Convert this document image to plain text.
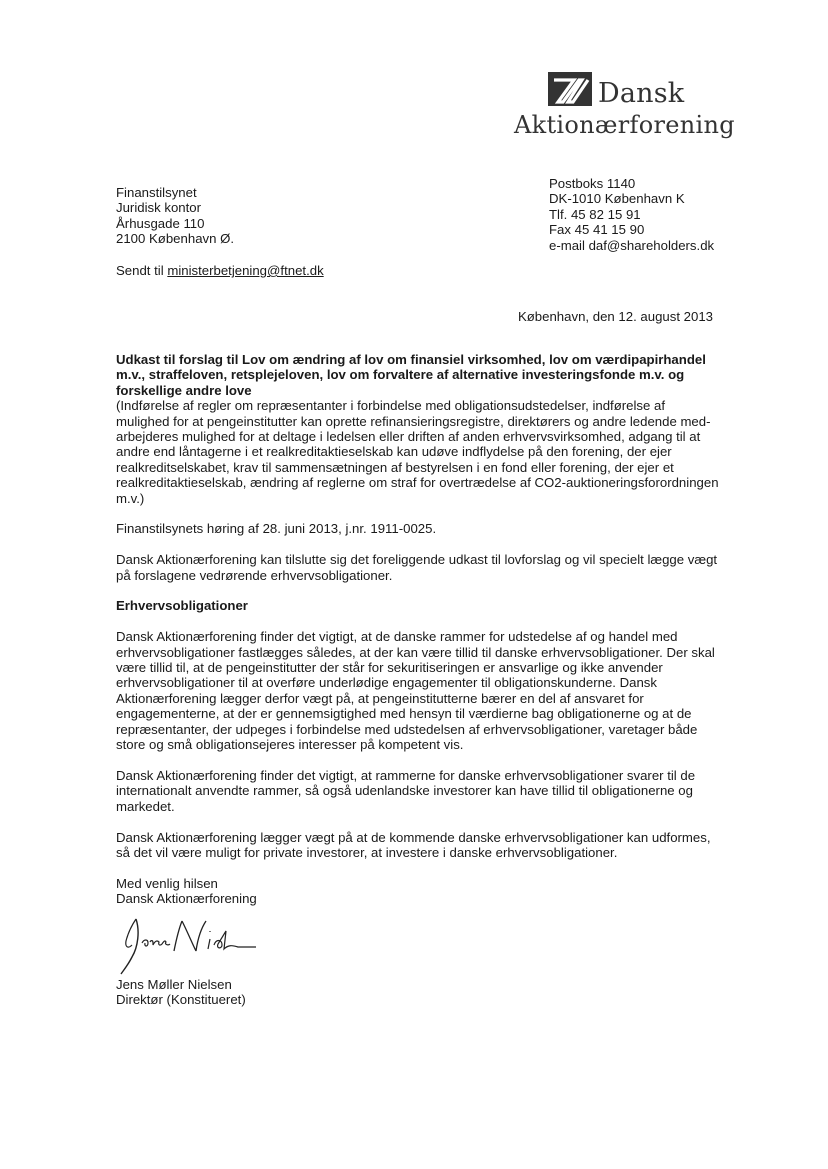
Dansk
Aktionærforening
Postboks 1140
DK-1010 København K
Tlf. 45 82 15 91
Fax 45 41 15 90
e-mail daf@shareholders.dk
Finanstilsynet
Juridisk kontor
Århusgade 110
2100 København Ø.
Sendt til ministerbetjening@ftnet.dk
København, den 12. august 2013

Udkast til forslag til Lov om ændring af lov om finansiel virksomhed, lov om værdipapirhandel m.v., straffeloven, retsplejeloven, lov om forvaltere af alternative investeringsfonde m.v. og forskellige andre love
(Indførelse af regler om repræsentanter i forbindelse med obligationsudstedelser, indførelse af mulighed for at pengeinstitutter kan oprette refinansieringsregistre, direktørers og andre ledende med-arbejderes mulighed for at deltage i ledelsen eller driften af anden erhvervsvirksomhed, adgang til at andre end låntagerne i et realkreditaktieselskab kan udøve indflydelse på den forening, der ejer realkreditselskabet, krav til sammensætningen af bestyrelsen i en fond eller forening, der ejer et realkreditaktieselskab, ændring af reglerne om straf for overtrædelse af CO2-auktioneringsforordningen m.v.)

Finanstilsynets høring af 28. juni 2013, j.nr. 1911-0025.

Dansk Aktionærforening kan tilslutte sig det foreliggende udkast til lovforslag og vil specielt lægge vægt på forslagene vedrørende erhvervsobligationer.

Erhvervsobligationer

Dansk Aktionærforening finder det vigtigt, at de danske rammer for udstedelse af og handel med erhvervsobligationer fastlægges således, at der kan være tillid til danske erhvervsobligationer. Der skal være tillid til, at de pengeinstitutter der står for sekuritiseringen er ansvarlige og ikke anvender erhvervsobligationer til at overføre underlødige engagementer til obligationskunderne. Dansk Aktionærforening lægger derfor vægt på, at pengeinstitutterne bærer en del af ansvaret for engagementerne, at der er gennemsigtighed med hensyn til værdierne bag obligationerne og at de repræsentanter, der udpeges i forbindelse med udstedelsen af erhvervsobligationer, varetager både store og små obligationsejeres interesser på kompetent vis.

Dansk Aktionærforening finder det vigtigt, at rammerne for danske erhvervsobligationer svarer til de internationalt anvendte rammer, så også udenlandske investorer kan have tillid til obligationerne og markedet.

Dansk Aktionærforening lægger vægt på at de kommende danske erhvervsobligationer kan udformes, så det vil være muligt for private investorer, at investere i danske erhvervsobligationer.

Med venlig hilsen
Dansk Aktionærforening
Jens Møller Nielsen
Direktør (Konstitueret)
